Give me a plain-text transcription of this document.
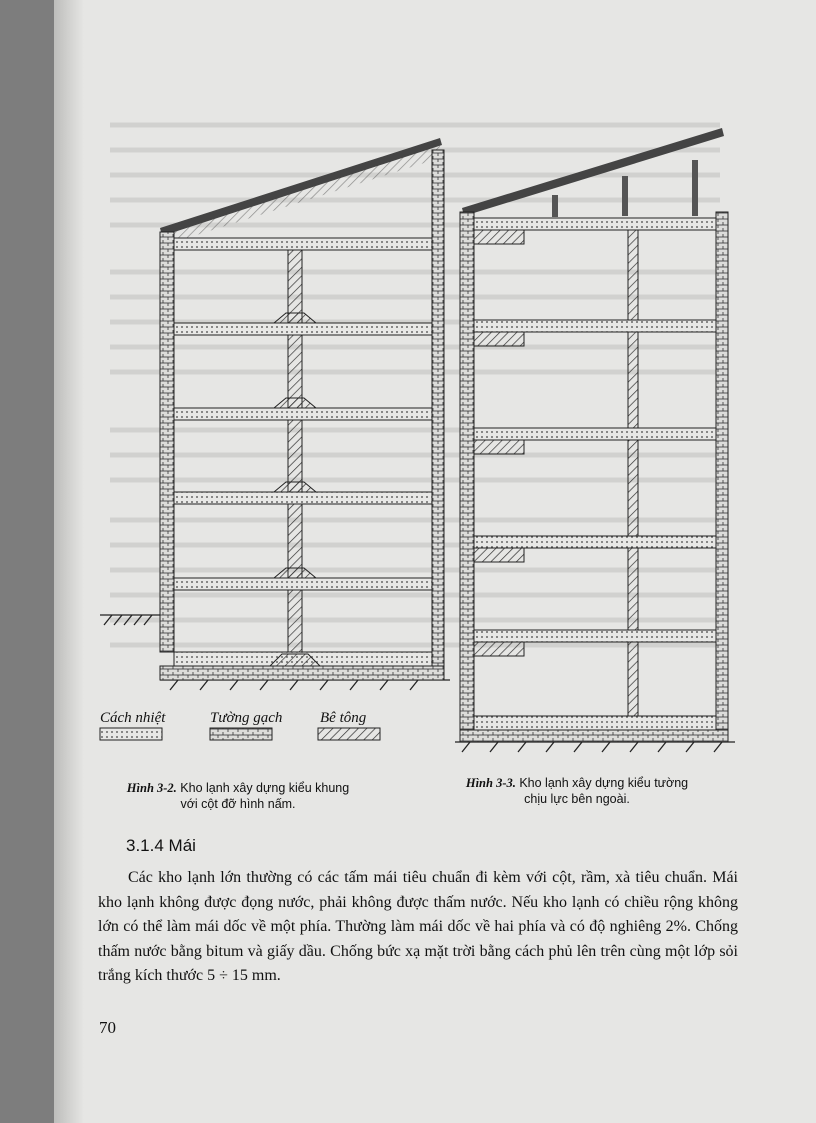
Cách nhiệt	Tường gạch	Bê tông
Hình 3-2. Kho lạnh xây dựng kiểu khung
với cột đỡ hình nấm.
Hình 3-3. Kho lạnh xây dựng kiểu tường
chịu lực bên ngoài.
3.1.4 Mái
Các kho lạnh lớn thường có các tấm mái tiêu chuẩn đi kèm với cột, rầm, xà tiêu chuẩn. Mái kho lạnh không được đọng nước, phải không được thấm nước. Nếu kho lạnh có chiều rộng không lớn có thể làm mái dốc về một phía. Thường làm mái dốc về hai phía và có độ nghiêng 2%. Chống thấm nước bằng bitum và giấy dầu. Chống bức xạ mặt trời bằng cách phủ lên trên cùng một lớp sỏi trắng kích thước 5 ÷ 15 mm.
70
